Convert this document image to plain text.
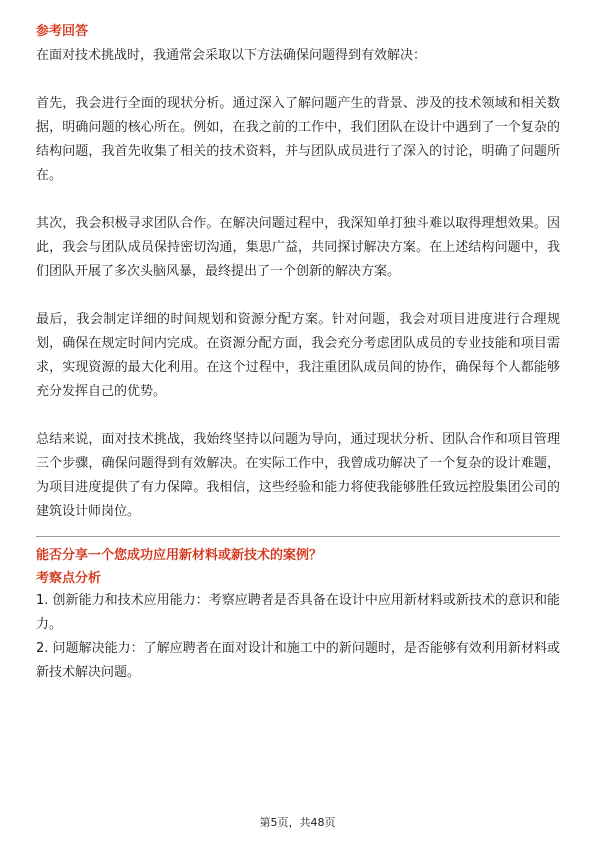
参考回答

在面对技术挑战时，我通常会采取以下方法确保问题得到有效解决：

首先，我会进行全面的现状分析。通过深入了解问题产生的背景、涉及的技术领域和相关数据，明确问题的核心所在。例如，在我之前的工作中，我们团队在设计中遇到了一个复杂的结构问题，我首先收集了相关的技术资料，并与团队成员进行了深入的讨论，明确了问题所在。

其次，我会积极寻求团队合作。在解决问题过程中，我深知单打独斗难以取得理想效果。因此，我会与团队成员保持密切沟通，集思广益，共同探讨解决方案。在上述结构问题中，我们团队开展了多次头脑风暴，最终提出了一个创新的解决方案。

最后，我会制定详细的时间规划和资源分配方案。针对问题，我会对项目进度进行合理规划，确保在规定时间内完成。在资源分配方面，我会充分考虑团队成员的专业技能和项目需求，实现资源的最大化利用。在这个过程中，我注重团队成员间的协作，确保每个人都能够充分发挥自己的优势。

总结来说，面对技术挑战，我始终坚持以问题为导向，通过现状分析、团队合作和项目管理三个步骤，确保问题得到有效解决。在实际工作中，我曾成功解决了一个复杂的设计难题，为项目进度提供了有力保障。我相信，这些经验和能力将使我能够胜任致远控股集团公司的建筑设计师岗位。

能否分享一个您成功应用新材料或新技术的案例？
考察点分析

1. 创新能力和技术应用能力：考察应聘者是否具备在设计中应用新材料或新技术的意识和能力。

2. 问题解决能力：了解应聘者在面对设计和施工中的新问题时，是否能够有效利用新材料或新技术解决问题。

第5页，共48页
